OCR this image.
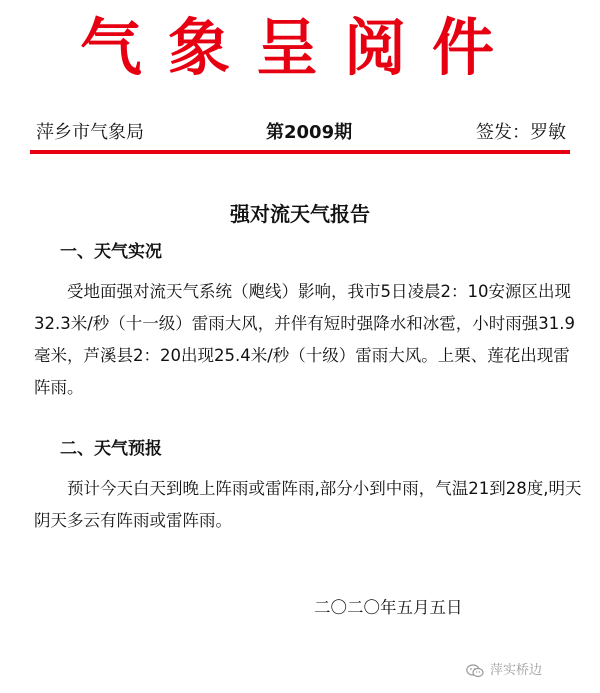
气象呈阅件
萍乡市气象局	第2009期	签发：罗敏
强对流天气报告
一、天气实况

受地面强对流天气系统（飑线）影响，我市5日凌晨2：10安源区出现32.3米/秒（十一级）雷雨大风，并伴有短时强降水和冰雹，小时雨强31.9毫米，芦溪县2：20出现25.4米/秒（十级）雷雨大风。上栗、莲花出现雷阵雨。

二、天气预报

预计今天白天到晚上阵雨或雷阵雨,部分小到中雨，气温21到28度,明天阴天多云有阵雨或雷阵雨。

二〇二〇年五月五日
萍实桥边
